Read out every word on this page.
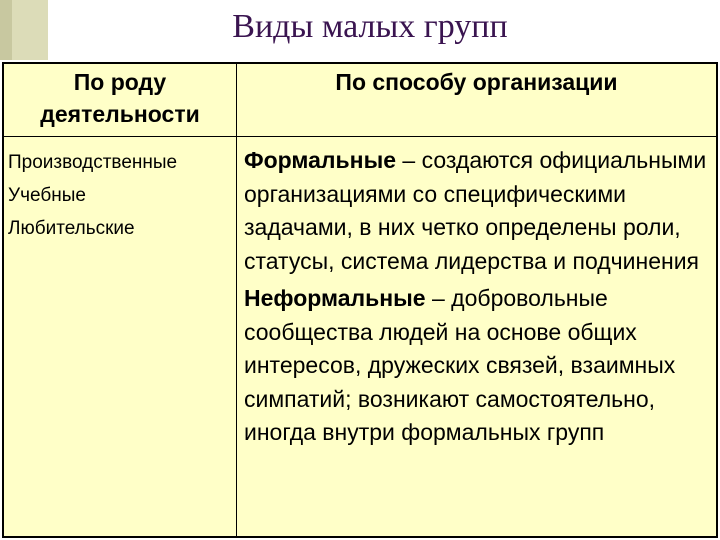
Виды малых групп
По роду деятельности
По способу организации
Производственные
Учебные
Любительские

Формальные – создаются официальными организациями со специфическими задачами, в них четко определены роли, статусы, система лидерства и подчинения

Неформальные – добровольные сообщества людей на основе общих интересов, дружеских связей, взаимных симпатий; возникают самостоятельно, иногда внутри формальных групп
